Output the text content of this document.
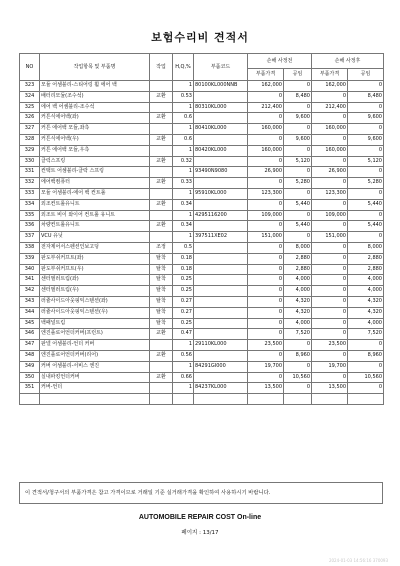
보험수리비 견적서
NO	작업항목 및 부품명	작업	H,Q,%	부품코드	손해 사정전		손해 사정후	
					부품가격	공임	부품가격	공임
323	모듈 어셈블리-스티어링 휠 에어 백		1	80100KL000NNB	162,000	0	162,000	0
324	배터리모듈(조수석)	교환	0.53		0	8,480	0	8,480
325	에어 백 어셈블리-조수석		1	80310KL000	212,400	0	212,400	0
326	커튼식에어백(좌)	교환	0.6		0	9,600	0	9,600
327	커튼 에어백 모듈,좌측		1	80410KL000	160,000	0	160,000	0
328	커튼식에어백(우)	교환	0.6		0	9,600	0	9,600
329	커튼 에어백 모듈,우측		1	80420KL000	160,000	0	160,000	0
330	클럭스프링	교환	0.32		0	5,120	0	5,120
331	컨택트 어셈블리-클락 스프링		1	93490N9080	26,900	0	26,900	0
332	에어백컴퓨터	교환	0.33		0	5,280	0	5,280
333	모듈 어셈블리-에어 백 컨트롤		1	95910KL000	123,300	0	123,300	0
334	외조컨트롤유니트	교환	0.34		0	5,440	0	5,440
335	외조트 비이 와이어 컨트롤 유니트		1	4295116200	109,000	0	109,000	0
336	차량컨트롤유니트	교환	0.34		0	5,440	0	5,440
337	VCU 유닛		1	397511XE02	151,000	0	151,000	0
338	전자제어서스펜션인보고딩	조정	0.5		0	8,000	0	8,000
339	판도부쉬커프트(좌)	탈착	0.18		0	2,880	0	2,880
340	판도부쉬커프트(우)	탈착	0.18		0	2,880	0	2,880
341	센터필러트림(좌)	탈착	0.25		0	4,000	0	4,000
342	센터필러트림(우)	탈착	0.25		0	4,000	0	4,000
343	러쥴사이드아웃핑익스텐션(좌)	탈착	0.27		0	4,320	0	4,320
344	러쥴사이드아웃핑익스텐션(우)	탈착	0.27		0	4,320	0	4,320
345	백패널트림	탈착	0.25		0	4,000	0	4,000
346	엔진플로어언더커버(프런트)	교환	0.47		0	7,520	0	7,520
347	판넬 어셈블리-언더 커버		1	29110KL000	23,500	0	23,500	0
348	엔진플로어언더커버(리어)	교환	0.56		0	8,960	0	8,960
349	커버 어셈블리-서비스 엔진		1	84291GI000	19,700	0	19,700	0
350	실내파킹언더커버	교환	0.66		0	10,560	0	10,560
351	커버-언더		1	84237KL000	13,500	0	13,500	0

이 견적서/청구서의 부품가격은 참고 가격이므로 거래일 기준 실거래가격을 확인하여 사용하시기 바랍니다.
AUTOMOBILE REPAIR COST On-line
페이지 : 13/17
2024-01-03 14:56:16 370093
